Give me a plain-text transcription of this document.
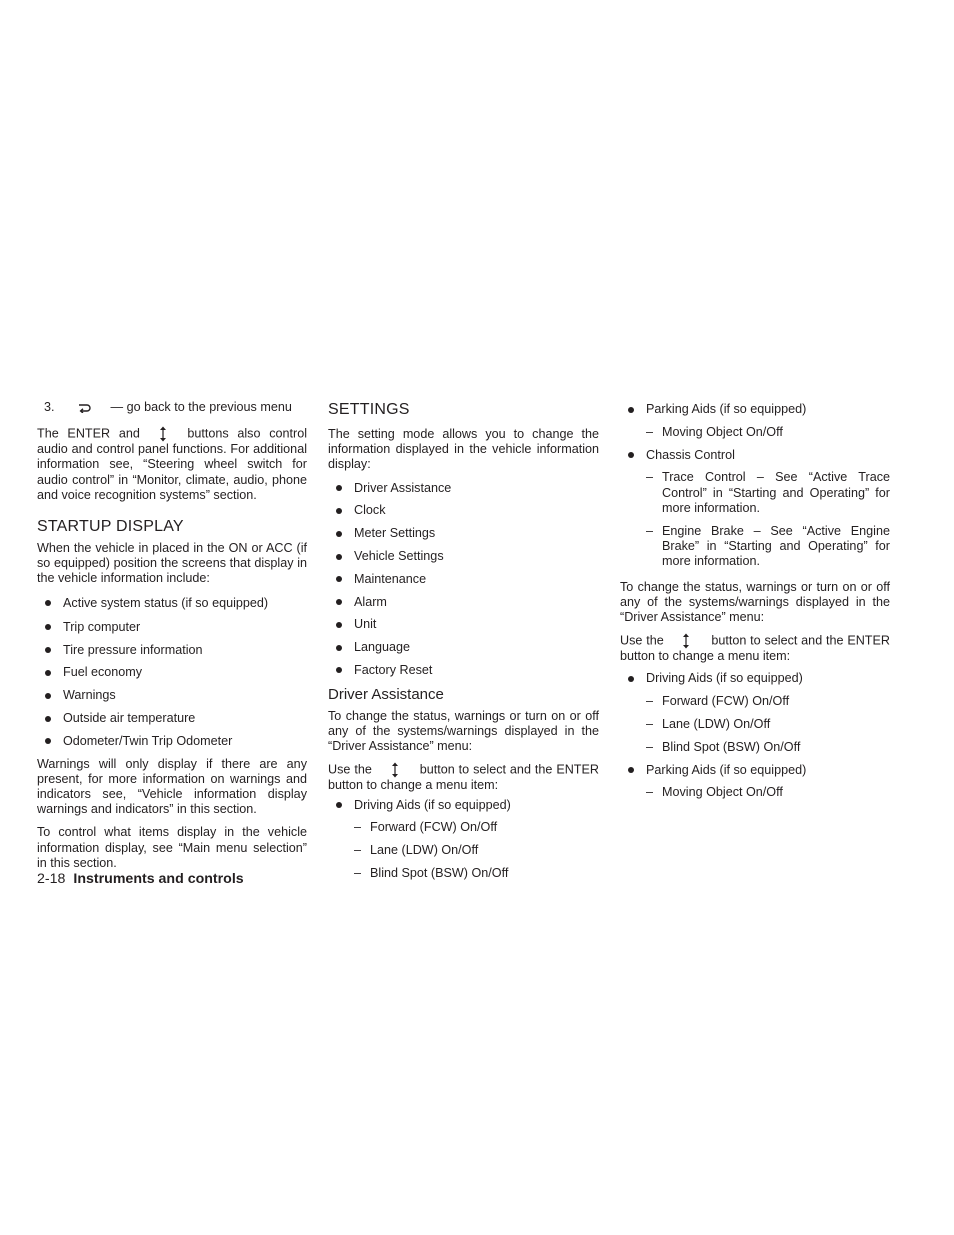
3.	— go back to the previous menu

The ENTER and	buttons also control audio and control panel functions. For additional information see, “Steering wheel switch for audio control” in “Monitor, climate, audio, phone and voice recognition systems” section.

STARTUP DISPLAY

When the vehicle in placed in the ON or ACC (if so equipped) position the screens that display in the vehicle information include:

Active system status (if so equipped)
Trip computer
Tire pressure information
Fuel economy
Warnings
Outside air temperature
Odometer/Twin Trip Odometer

Warnings will only display if there are any present, for more information on warnings and indicators see, “Vehicle information display warnings and indicators” in this section.

To control what items display in the vehicle information display, see “Main menu selection” in this section.

SETTINGS

The setting mode allows you to change the information displayed in the vehicle information display:

Driver Assistance
Clock
Meter Settings
Vehicle Settings
Maintenance
Alarm
Unit
Language
Factory Reset
Driver Assistance

To change the status, warnings or turn on or off any of the systems/warnings displayed in the “Driver Assistance” menu:

Use the	button to select and the ENTER button to change a menu item:

Driving Aids (if so equipped)
– Forward (FCW) On/Off
– Lane (LDW) On/Off
– Blind Spot (BSW) On/Off
Parking Aids (if so equipped)
– Moving Object On/Off
Chassis Control
– Trace Control – See “Active Trace Control” in “Starting and Operating” for more information.
– Engine Brake – See “Active Engine Brake” in “Starting and Operating” for more information.

To change the status, warnings or turn on or off any of the systems/warnings displayed in the “Driver Assistance” menu:

Use the	button to select and the ENTER button to change a menu item:

Driving Aids (if so equipped)
– Forward (FCW) On/Off
– Lane (LDW) On/Off
– Blind Spot (BSW) On/Off
Parking Aids (if so equipped)
– Moving Object On/Off
2-18 Instruments and controls
